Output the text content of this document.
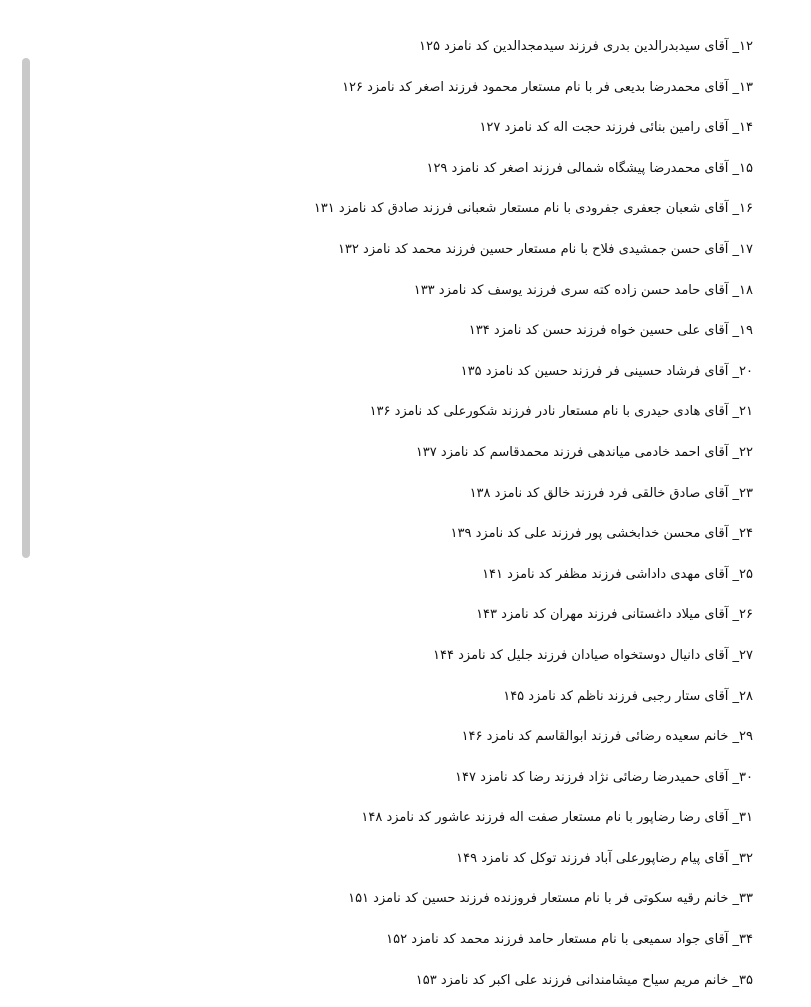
۱۲_ آقای سیدبدرالدین بدری فرزند سیدمجدالدین کد نامزد ۱۲۵
۱۳_ آقای محمدرضا بدیعی فر با نام مستعار محمود فرزند اصغر کد نامزد ۱۲۶
۱۴_ آقای رامین بنائی فرزند حجت اله کد نامزد ۱۲۷
۱۵_ آقای محمدرضا پیشگاه شمالی فرزند اصغر کد نامزد ۱۲۹
۱۶_ آقای شعبان جعفری جفرودی با نام مستعار شعبانی فرزند صادق کد نامزد ۱۳۱
۱۷_ آقای حسن جمشیدی فلاح با نام مستعار حسین فرزند محمد کد نامزد ۱۳۲
۱۸_ آقای حامد حسن زاده کته سری فرزند یوسف کد نامزد ۱۳۳
۱۹_ آقای علی حسین خواه فرزند حسن کد نامزد ۱۳۴
۲۰_ آقای فرشاد حسینی فر فرزند حسین کد نامزد ۱۳۵
۲۱_ آقای هادی حیدری با نام مستعار نادر فرزند شکورعلی کد نامزد ۱۳۶
۲۲_ آقای احمد خادمی میاندهی فرزند محمدقاسم کد نامزد ۱۳۷
۲۳_ آقای صادق خالقی فرد فرزند خالق کد نامزد ۱۳۸
۲۴_ آقای محسن خدابخشی پور فرزند علی کد نامزد ۱۳۹
۲۵_ آقای مهدی داداشی فرزند مظفر کد نامزد ۱۴۱
۲۶_ آقای میلاد داغستانی فرزند مهران کد نامزد ۱۴۳
۲۷_ آقای دانیال دوستخواه صیادان فرزند جلیل کد نامزد ۱۴۴
۲۸_ آقای ستار رجبی فرزند ناظم کد نامزد ۱۴۵
۲۹_ خانم سعیده رضائی فرزند ابوالقاسم کد نامزد ۱۴۶
۳۰_ آقای حمیدرضا رضائی نژاد فرزند رضا کد نامزد ۱۴۷
۳۱_ آقای رضا رضاپور با نام مستعار صفت اله فرزند عاشور کد نامزد ۱۴۸
۳۲_ آقای پیام رضاپورعلی آباد فرزند توکل کد نامزد ۱۴۹
۳۳_ خانم رقیه سکوتی فر با نام مستعار فروزنده فرزند حسین کد نامزد ۱۵۱
۳۴_ آقای جواد سمیعی با نام مستعار حامد فرزند محمد کد نامزد ۱۵۲
۳۵_ خانم مریم سیاح میشامندانی فرزند علی اکبر کد نامزد ۱۵۳
